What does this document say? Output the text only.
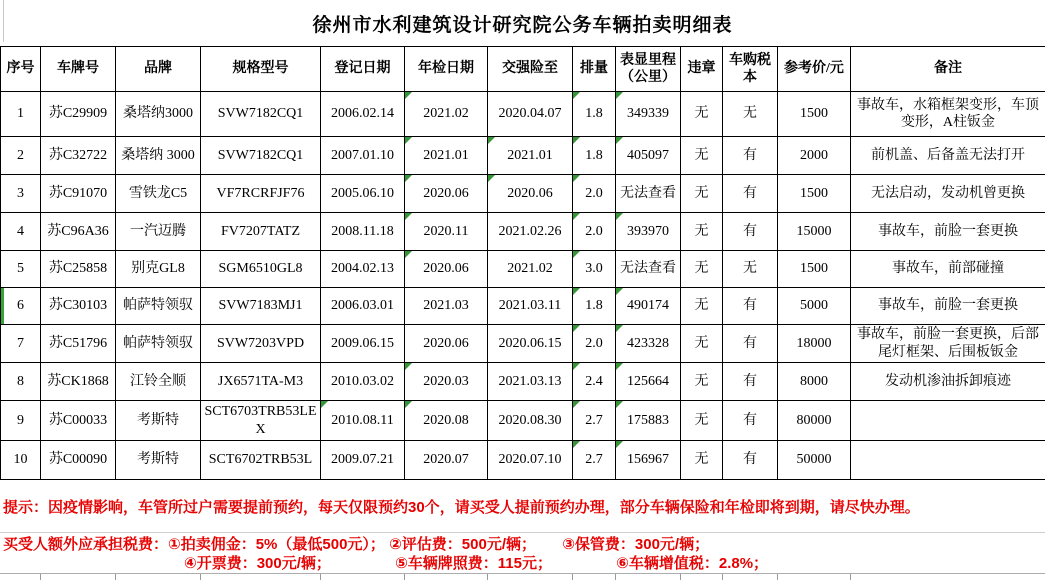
徐州市水利建筑设计研究院公务车辆拍卖明细表
序号	车牌号	品牌	规格型号	登记日期	年检日期	交强险至	排量	表显里程（公里）	违章	车购税本	参考价/元	备注
1	苏C29909	桑塔纳3000	SVW7182CQ1	2006.02.14	2021.02	2020.04.07	1.8	349339	无	无	1500	事故车，水箱框架变形，车顶变形，A柱钣金
2	苏C32722	桑塔纳 3000	SVW7182CQ1	2007.01.10	2021.01	2021.01	1.8	405097	无	有	2000	前机盖、后备盖无法打开
3	苏C91070	雪铁龙C5	VF7RCRFJF76	2005.06.10	2020.06	2020.06	2.0	无法查看	无	有	1500	无法启动，发动机曾更换
4	苏C96A36	一汽迈腾	FV7207TATZ	2008.11.18	2020.11	2021.02.26	2.0	393970	无	有	15000	事故车，前脸一套更换
5	苏C25858	别克GL8	SGM6510GL8	2004.02.13	2020.06	2021.02	3.0	无法查看	无	无	1500	事故车，前部碰撞
6	苏C30103	帕萨特领驭	SVW7183MJ1	2006.03.01	2021.03	2021.03.11	1.8	490174	无	有	5000	事故车，前脸一套更换
7	苏C51796	帕萨特领驭	SVW7203VPD	2009.06.15	2020.06	2020.06.15	2.0	423328	无	有	18000	事故车，前脸一套更换，后部尾灯框架、后围板钣金
8	苏CK1868	江铃全顺	JX6571TA-M3	2010.03.02	2020.03	2021.03.13	2.4	125664	无	有	8000	发动机渗油拆卸痕迹
9	苏C00033	考斯特	SCT6703TRB53LEX	2010.08.11	2020.08	2020.08.30	2.7	175883	无	有	80000	
10	苏C00090	考斯特	SCT6702TRB53L	2009.07.21	2020.07	2020.07.10	2.7	156967	无	有	50000	
提示：因疫情影响，车管所过户需要提前预约，每天仅限预约30个，请买受人提前预约办理，部分车辆保险和年检即将到期，请尽快办理。
买受人额外应承担税费：①拍卖佣金：5%（最低500元）； ②评估费：500元/辆； ③保管费：300元/辆；
④开票费：300元/辆；	⑤车辆牌照费：115元；	⑥车辆增值税：2.8%；
